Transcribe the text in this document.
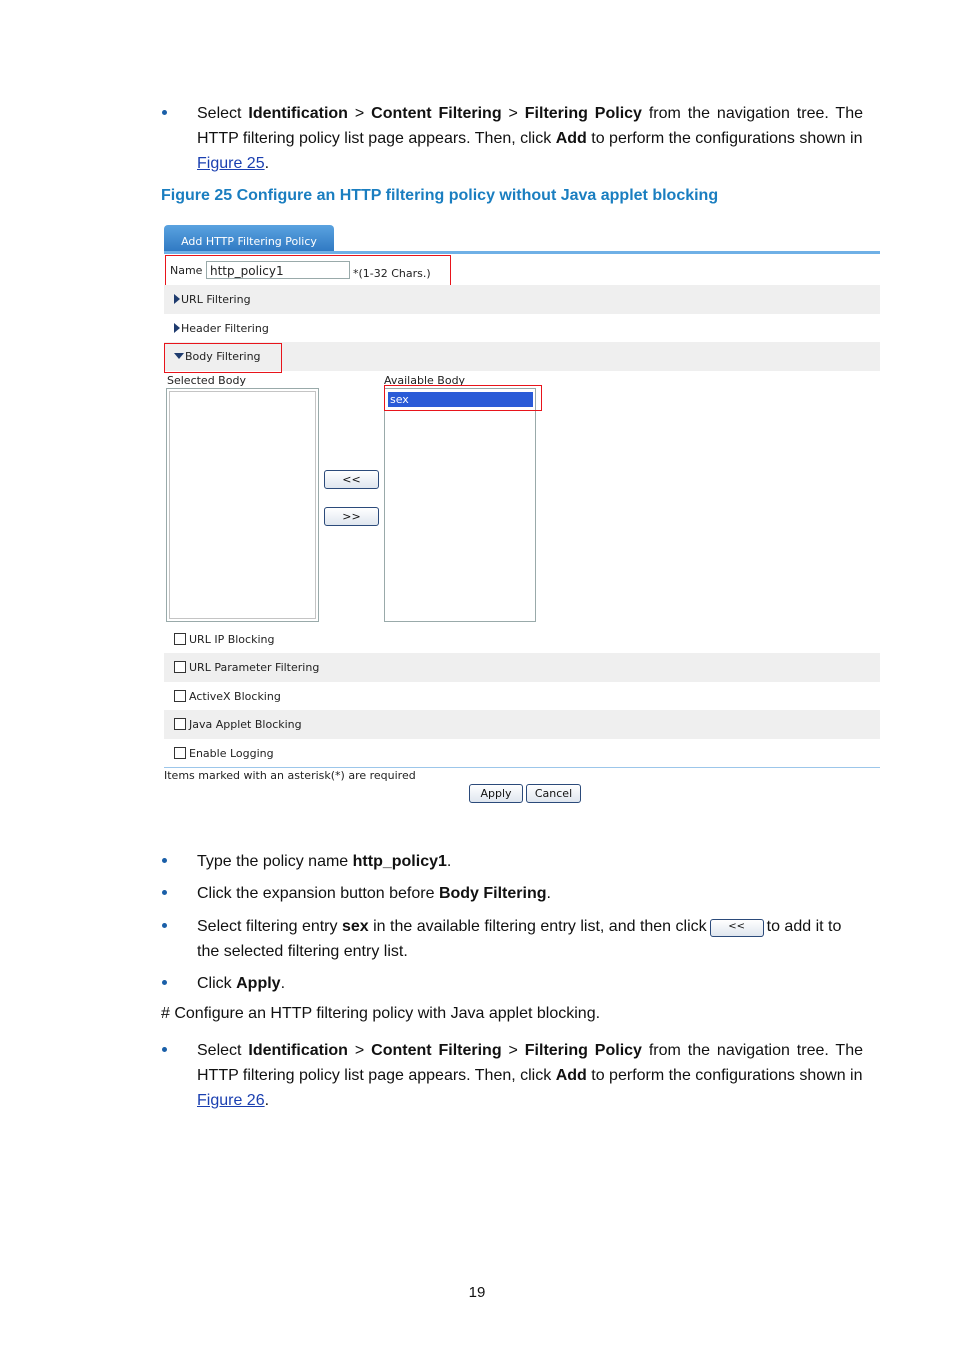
Select Identification > Content Filtering > Filtering Policy from the navigation tree. The HTTP filtering policy list page appears. Then, click Add to perform the configurations shown in
Figure 25.
Figure 25 Configure an HTTP filtering policy without Java applet blocking
Add HTTP Filtering Policy
Name http_policy1	*(1-32 Chars.)
URL Filtering
Header Filtering
Body Filtering
Selected Body	Available Body
sex
<<
>>
URL IP Blocking
URL Parameter Filtering
ActiveX Blocking
Java Applet Blocking
Enable Logging
Items marked with an asterisk(*) are required
Apply	Cancel
Type the policy name http_policy1.
Click the expansion button before Body Filtering.
Select filtering entry sex in the available filtering entry list, and then click << to add it to the selected filtering entry list.
Click Apply.
# Configure an HTTP filtering policy with Java applet blocking.
Select Identification > Content Filtering > Filtering Policy from the navigation tree. The HTTP filtering policy list page appears. Then, click Add to perform the configurations shown in
Figure 26.
19
